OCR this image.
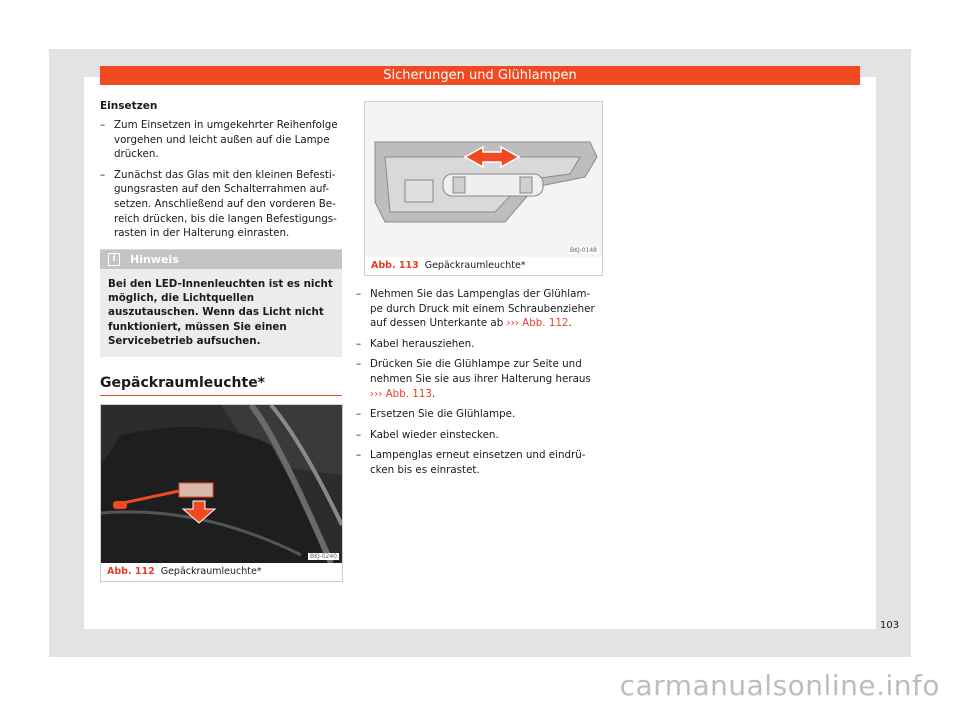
Sicherungen und Glühlampen
Einsetzen
– Zum Einsetzen in umgekehrter Reihenfolge vorgehen und leicht außen auf die Lampe drücken.
– Zunächst das Glas mit den kleinen Befesti-gungsrasten auf den Schalterrahmen auf-setzen. Anschließend auf den vorderen Be-reich drücken, bis die langen Befestigungs-rasten in der Halterung einrasten.
i	Hinweis
Bei den LED-Innenleuchten ist es nicht möglich, die Lichtquellen auszutauschen. Wenn das Licht nicht funktioniert, müssen Sie einen Servicebetrieb aufsuchen.
Gepäckraumleuchte*
BKJ-0240
Abb. 112 Gepäckraumleuchte*
BKJ-0148
Abb. 113 Gepäckraumleuchte*
– Nehmen Sie das Lampenglas der Glühlam-pe durch Druck mit einem Schraubenzieher auf dessen Unterkante ab ››› Abb. 112.
– Kabel herausziehen.
– Drücken Sie die Glühlampe zur Seite und nehmen Sie sie aus ihrer Halterung heraus ››› Abb. 113.
– Ersetzen Sie die Glühlampe.
– Kabel wieder einstecken.
– Lampenglas erneut einsetzen und eindrü-cken bis es einrastet.
103
carmanualsonline.info
